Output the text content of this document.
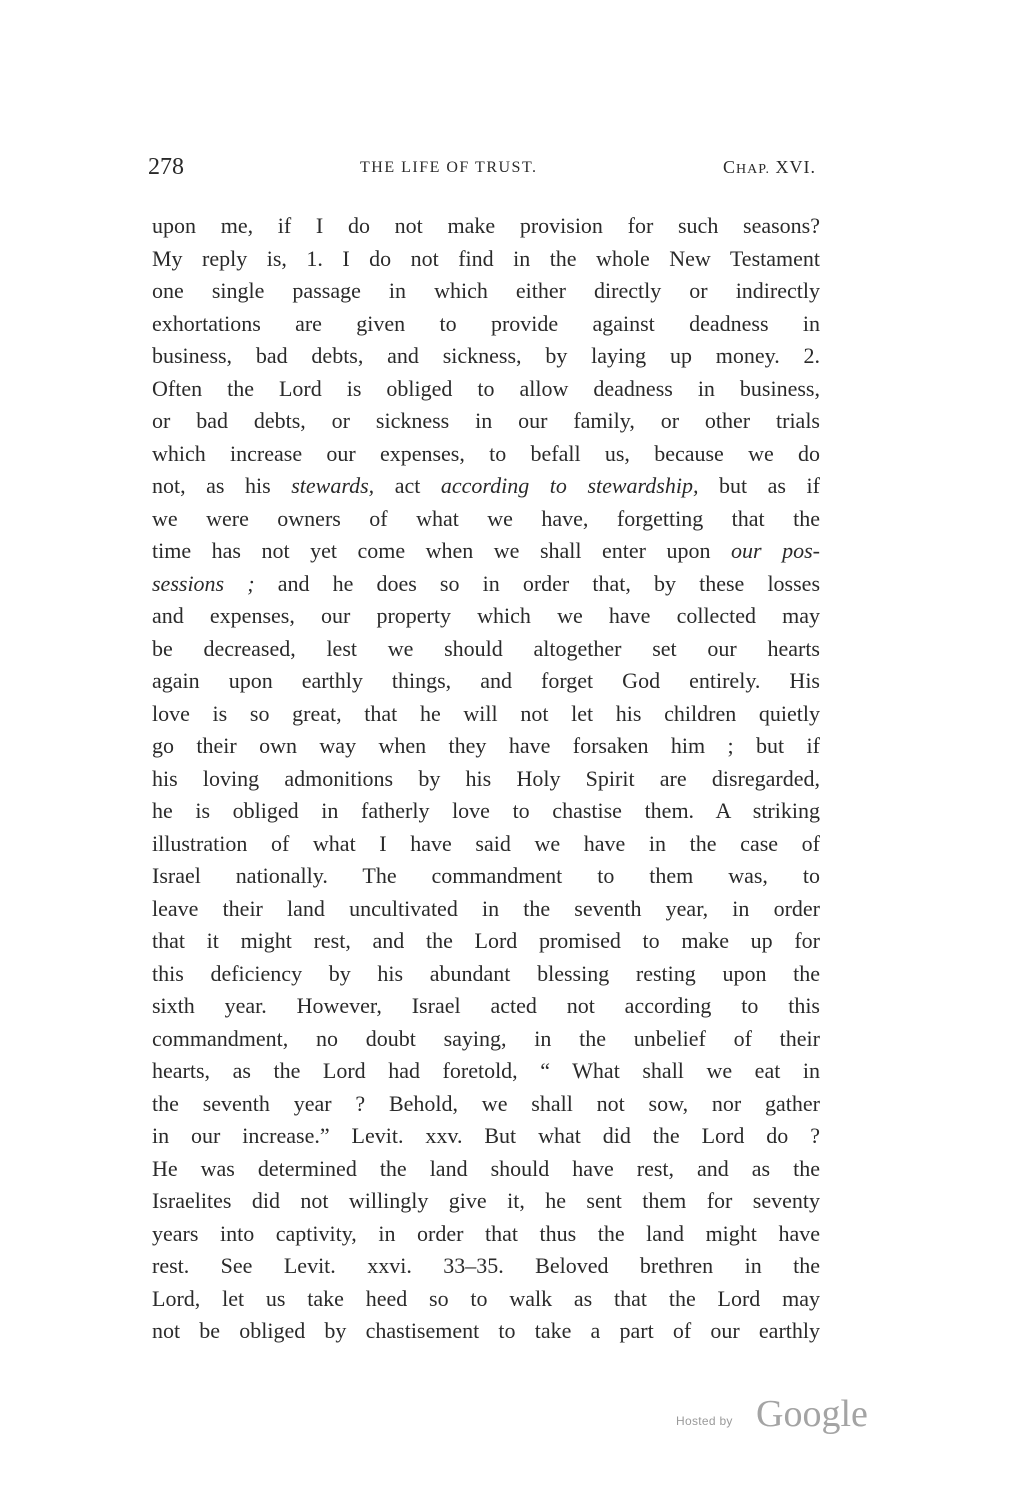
278	THE LIFE OF TRUST.	CHAP. XVI.
upon me, if I do not make provision for such seasons?
My reply is, 1. I do not find in the whole New Testament
one single passage in which either directly or indirectly
exhortations are given to provide against deadness in
business, bad debts, and sickness, by laying up money. 2.
Often the Lord is obliged to allow deadness in business,
or bad debts, or sickness in our family, or other trials
which increase our expenses, to befall us, because we do
not, as his stewards, act according to stewardship, but as if
we were owners of what we have, forgetting that the
time has not yet come when we shall enter upon our pos-
sessions ; and he does so in order that, by these losses
and expenses, our property which we have collected may
be decreased, lest we should altogether set our hearts
again upon earthly things, and forget God entirely. His
love is so great, that he will not let his children quietly
go their own way when they have forsaken him ; but if
his loving admonitions by his Holy Spirit are disregarded,
he is obliged in fatherly love to chastise them. A striking
illustration of what I have said we have in the case of
Israel nationally. The commandment to them was, to
leave their land uncultivated in the seventh year, in order
that it might rest, and the Lord promised to make up for
this deficiency by his abundant blessing resting upon the
sixth year. However, Israel acted not according to this
commandment, no doubt saying, in the unbelief of their
hearts, as the Lord had foretold, “ What shall we eat in
the seventh year ? Behold, we shall not sow, nor gather
in our increase.” Levit. xxv. But what did the Lord do ?
He was determined the land should have rest, and as the
Israelites did not willingly give it, he sent them for seventy
years into captivity, in order that thus the land might have
rest. See Levit. xxvi. 33–35. Beloved brethren in the
Lord, let us take heed so to walk as that the Lord may
not be obliged by chastisement to take a part of our earthly
Hosted by Google
